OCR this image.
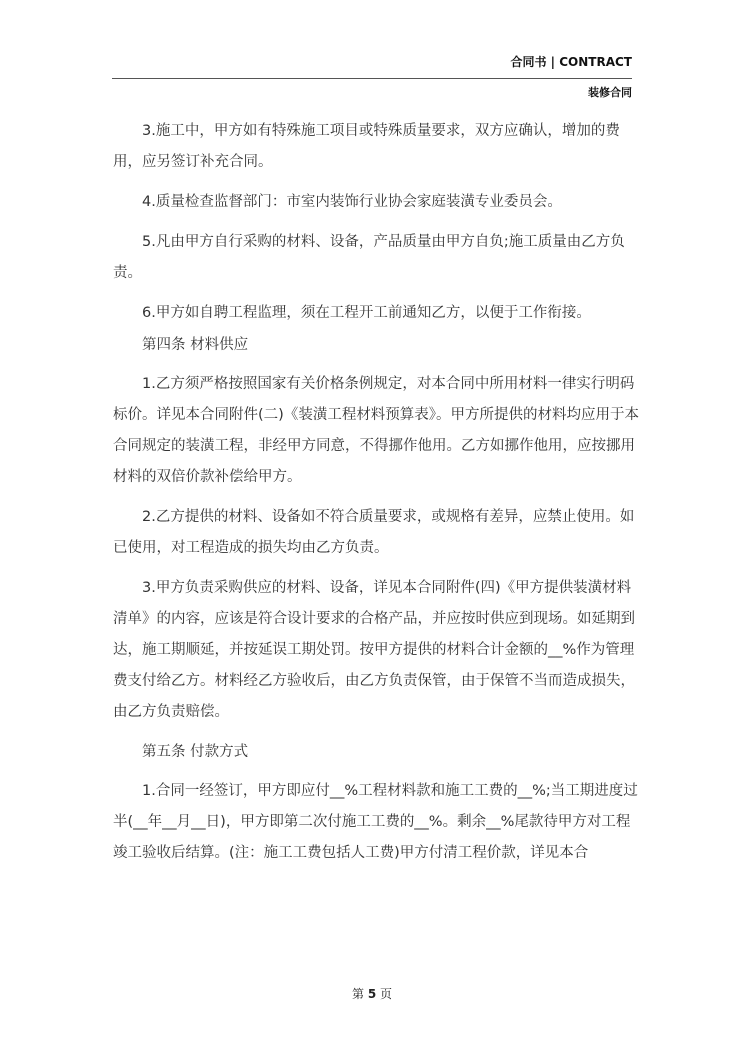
合同书 | CONTRACT
装修合同

3.施工中，甲方如有特殊施工项目或特殊质量要求，双方应确认，增加的费用，应另签订补充合同。

4.质量检查监督部门：市室内装饰行业协会家庭装潢专业委员会。

5.凡由甲方自行采购的材料、设备，产品质量由甲方自负;施工质量由乙方负责。

6.甲方如自聘工程监理，须在工程开工前通知乙方，以便于工作衔接。

第四条 材料供应

1.乙方须严格按照国家有关价格条例规定，对本合同中所用材料一律实行明码标价。详见本合同附件(二)《装潢工程材料预算表》。甲方所提供的材料均应用于本合同规定的装潢工程，非经甲方同意，不得挪作他用。乙方如挪作他用，应按挪用材料的双倍价款补偿给甲方。

2.乙方提供的材料、设备如不符合质量要求，或规格有差异，应禁止使用。如已使用，对工程造成的损失均由乙方负责。

3.甲方负责采购供应的材料、设备，详见本合同附件(四)《甲方提供装潢材料清单》的内容，应该是符合设计要求的合格产品，并应按时供应到现场。如延期到达，施工期顺延，并按延误工期处罚。按甲方提供的材料合计金额的__%作为管理费支付给乙方。材料经乙方验收后，由乙方负责保管，由于保管不当而造成损失，由乙方负责赔偿。

第五条 付款方式

1.合同一经签订，甲方即应付__%工程材料款和施工工费的__%;当工期进度过半(__年__月__日)，甲方即第二次付施工工费的__%。剩余__%尾款待甲方对工程竣工验收后结算。(注：施工工费包括人工费)甲方付清工程价款，详见本合

第 5 页
